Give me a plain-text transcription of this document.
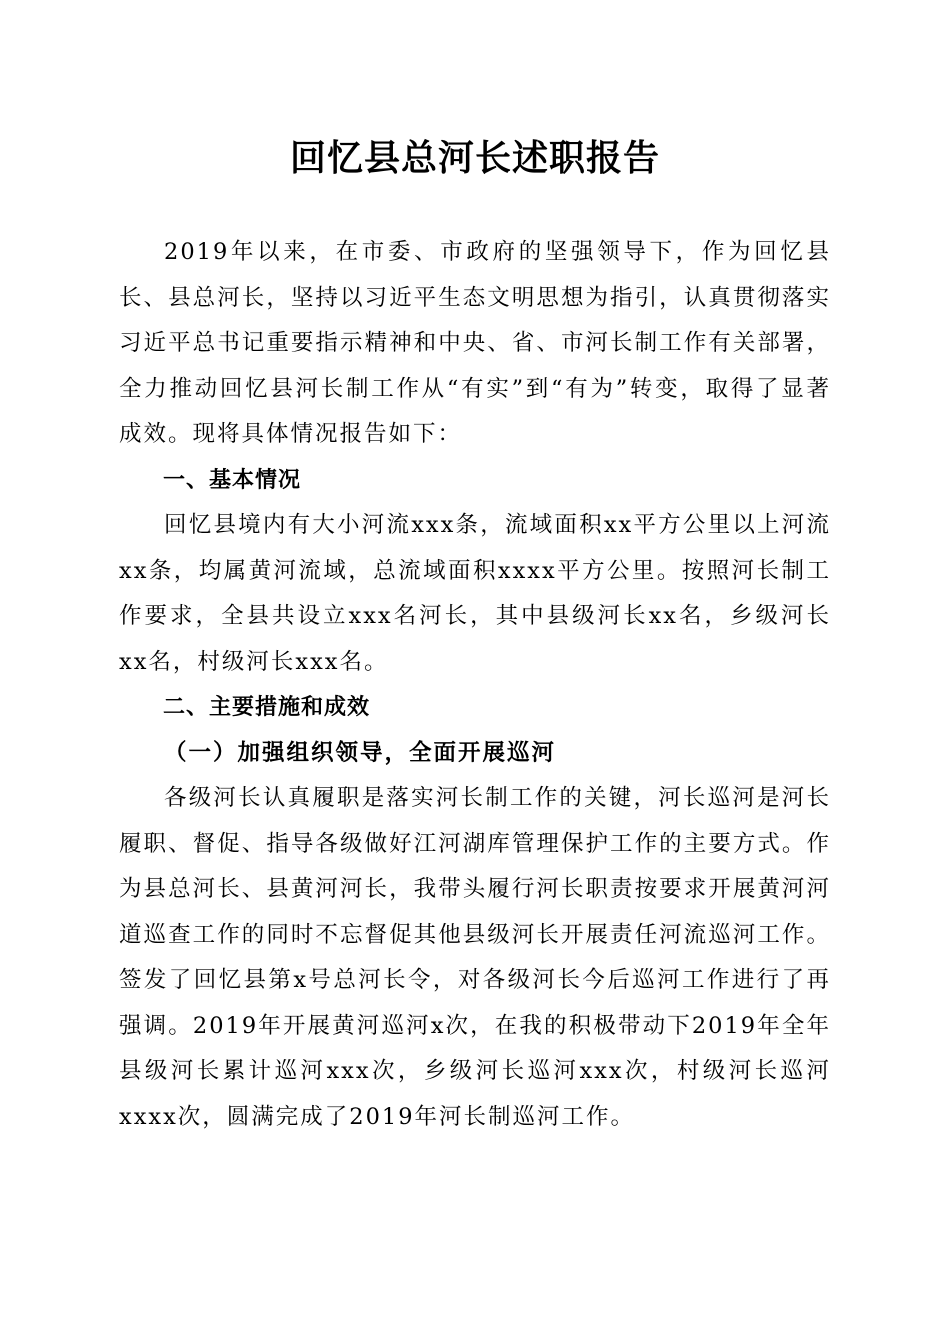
回忆县总河长述职报告

2019年以来，在市委、市政府的坚强领导下，作为回忆县长、县总河长，坚持以习近平生态文明思想为指引，认真贯彻落实习近平总书记重要指示精神和中央、省、市河长制工作有关部署，全力推动回忆县河长制工作从“有实”到“有为”转变，取得了显著成效。现将具体情况报告如下：

一、基本情况

回忆县境内有大小河流xxx条，流域面积xx平方公里以上河流xx条，均属黄河流域，总流域面积xxxx平方公里。按照河长制工作要求，全县共设立xxx名河长，其中县级河长xx名，乡级河长xx名，村级河长xxx名。

二、主要措施和成效

（一）加强组织领导，全面开展巡河

各级河长认真履职是落实河长制工作的关键，河长巡河是河长履职、督促、指导各级做好江河湖库管理保护工作的主要方式。作为县总河长、县黄河河长，我带头履行河长职责按要求开展黄河河道巡查工作的同时不忘督促其他县级河长开展责任河流巡河工作。签发了回忆县第x号总河长令，对各级河长今后巡河工作进行了再强调。2019年开展黄河巡河x次，在我的积极带动下2019年全年县级河长累计巡河xxx次，乡级河长巡河xxx次，村级河长巡河xxxx次，圆满完成了2019年河长制巡河工作。
